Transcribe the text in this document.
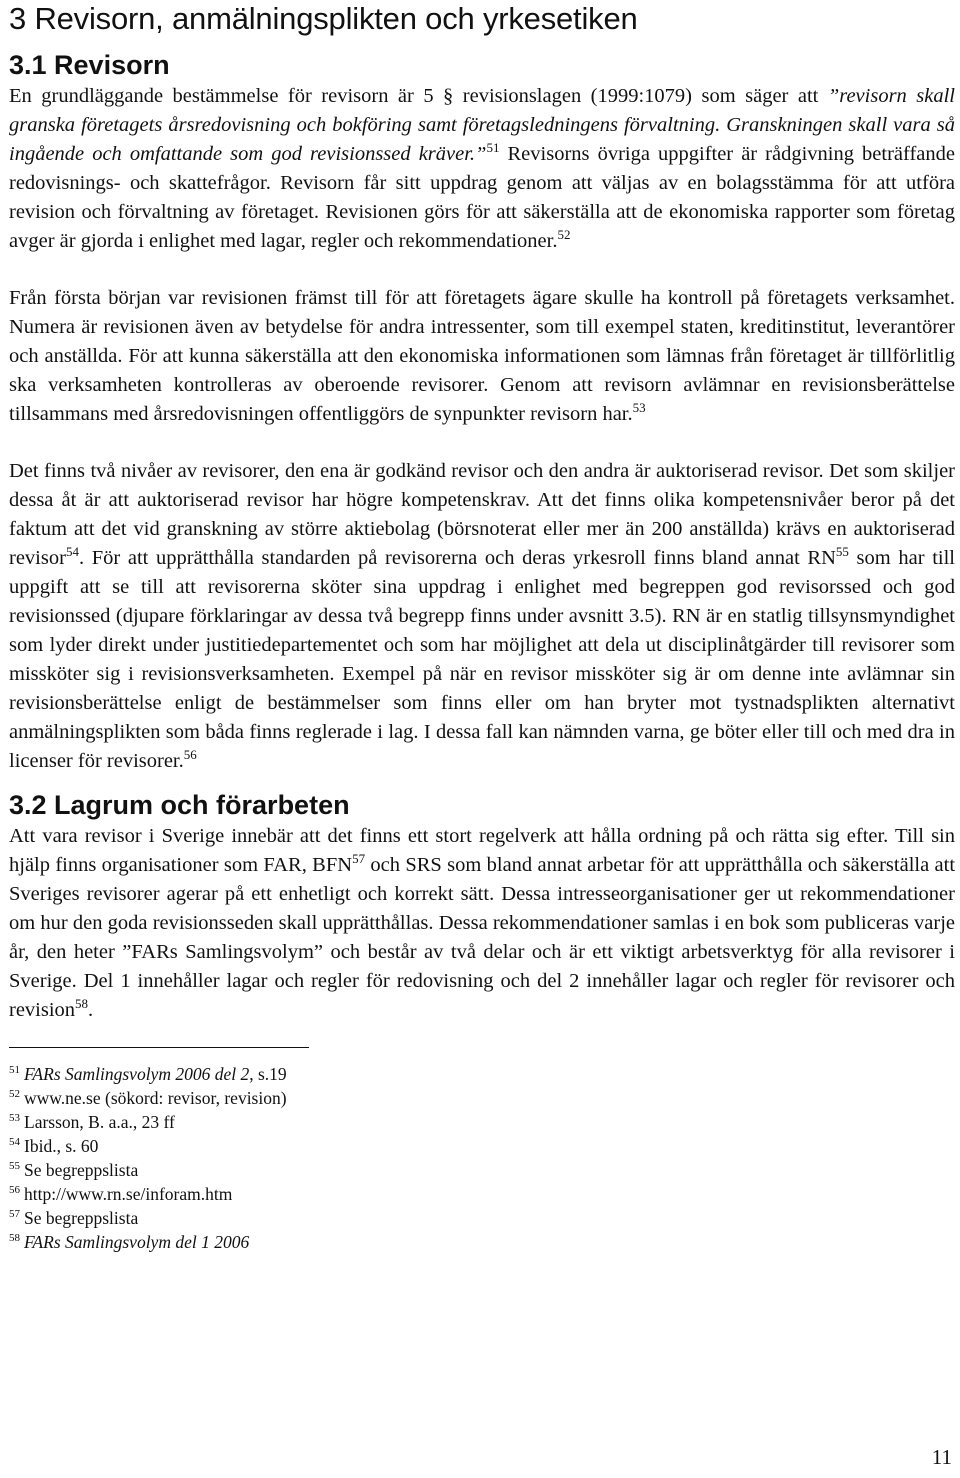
3 Revisorn, anmälningsplikten och yrkesetiken
3.1 Revisorn

En grundläggande bestämmelse för revisorn är 5 § revisionslagen (1999:1079) som säger att ”revisorn skall granska företagets årsredovisning och bokföring samt företagsledningens förvaltning. Granskningen skall vara så ingående och omfattande som god revisionssed kräver.”$^{51}$ Revisorns övriga uppgifter är rådgivning beträffande redovisnings- och skattefrågor. Revisorn får sitt uppdrag genom att väljas av en bolagsstämma för att utföra revision och förvaltning av företaget. Revisionen görs för att säkerställa att de ekonomiska rapporter som företag avger är gjorda i enlighet med lagar, regler och rekommendationer.$^{52}$

Från första början var revisionen främst till för att företagets ägare skulle ha kontroll på företagets verksamhet. Numera är revisionen även av betydelse för andra intressenter, som till exempel staten, kreditinstitut, leverantörer och anställda. För att kunna säkerställa att den ekonomiska informationen som lämnas från företaget är tillförlitlig ska verksamheten kontrolleras av oberoende revisorer. Genom att revisorn avlämnar en revisionsberättelse tillsammans med årsredovisningen offentliggörs de synpunkter revisorn har.$^{53}$

Det finns två nivåer av revisorer, den ena är godkänd revisor och den andra är auktoriserad revisor. Det som skiljer dessa åt är att auktoriserad revisor har högre kompetenskrav. Att det finns olika kompetensnivåer beror på det faktum att det vid granskning av större aktiebolag (börsnoterat eller mer än 200 anställda) krävs en auktoriserad revisor$^{54}$. För att upprätthålla standarden på revisorerna och deras yrkesroll finns bland annat RN$^{55}$ som har till uppgift att se till att revisorerna sköter sina uppdrag i enlighet med begreppen god revisorssed och god revisionssed (djupare förklaringar av dessa två begrepp finns under avsnitt 3.5). RN är en statlig tillsynsmyndighet som lyder direkt under justitiedepartementet och som har möjlighet att dela ut disciplinåtgärder till revisorer som missköter sig i revisionsverksamheten. Exempel på när en revisor missköter sig är om denne inte avlämnar sin revisionsberättelse enligt de bestämmelser som finns eller om han bryter mot tystnadsplikten alternativt anmälningsplikten som båda finns reglerade i lag. I dessa fall kan nämnden varna, ge böter eller till och med dra in licenser för revisorer.$^{56}$

3.2 Lagrum och förarbeten

Att vara revisor i Sverige innebär att det finns ett stort regelverk att hålla ordning på och rätta sig efter. Till sin hjälp finns organisationer som FAR, BFN$^{57}$ och SRS som bland annat arbetar för att upprätthålla och säkerställa att Sveriges revisorer agerar på ett enhetligt och korrekt sätt. Dessa intresseorganisationer ger ut rekommendationer om hur den goda revisionsseden skall upprätthållas. Dessa rekommendationer samlas i en bok som publiceras varje år, den heter ”FARs Samlingsvolym” och består av två delar och är ett viktigt arbetsverktyg för alla revisorer i Sverige. Del 1 innehåller lagar och regler för redovisning och del 2 innehåller lagar och regler för revisorer och revision$^{58}$.

$^{51}$ FARs Samlingsvolym 2006 del 2, s.19
$^{52}$ www.ne.se (sökord: revisor, revision)
$^{53}$ Larsson, B. a.a., 23 ff
$^{54}$ Ibid., s. 60
$^{55}$ Se begreppslista
$^{56}$ http://www.rn.se/inforam.htm
$^{57}$ Se begreppslista
$^{58}$ FARs Samlingsvolym del 1 2006
11
